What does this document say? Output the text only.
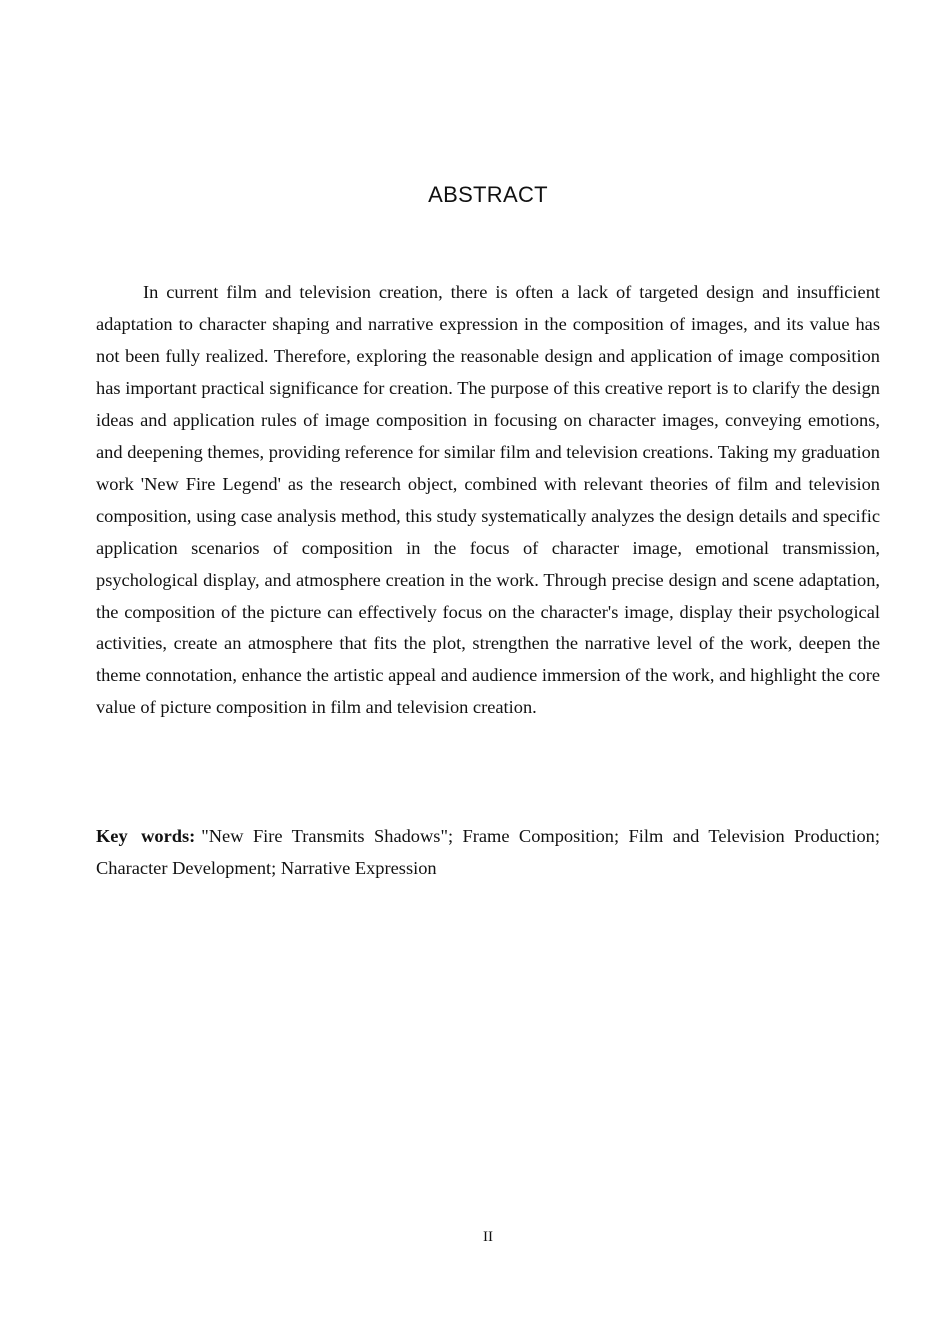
ABSTRACT

In current film and television creation, there is often a lack of targeted design and insufficient adaptation to character shaping and narrative expression in the composition of images, and its value has not been fully realized. Therefore, exploring the reasonable design and application of image composition has important practical significance for creation. The purpose of this creative report is to clarify the design ideas and application rules of image composition in focusing on character images, conveying emotions, and deepening themes, providing reference for similar film and television creations. Taking my graduation work 'New Fire Legend' as the research object, combined with relevant theories of film and television composition, using case analysis method, this study systematically analyzes the design details and specific application scenarios of composition in the focus of character image, emotional transmission, psychological display, and atmosphere creation in the work. Through precise design and scene adaptation, the composition of the picture can effectively focus on the character's image, display their psychological activities, create an atmosphere that fits the plot, strengthen the narrative level of the work, deepen the theme connotation, enhance the artistic appeal and audience immersion of the work, and highlight the core value of picture composition in film and television creation.

Key words: "New Fire Transmits Shadows"; Frame Composition; Film and Television Production; Character Development; Narrative Expression

II
